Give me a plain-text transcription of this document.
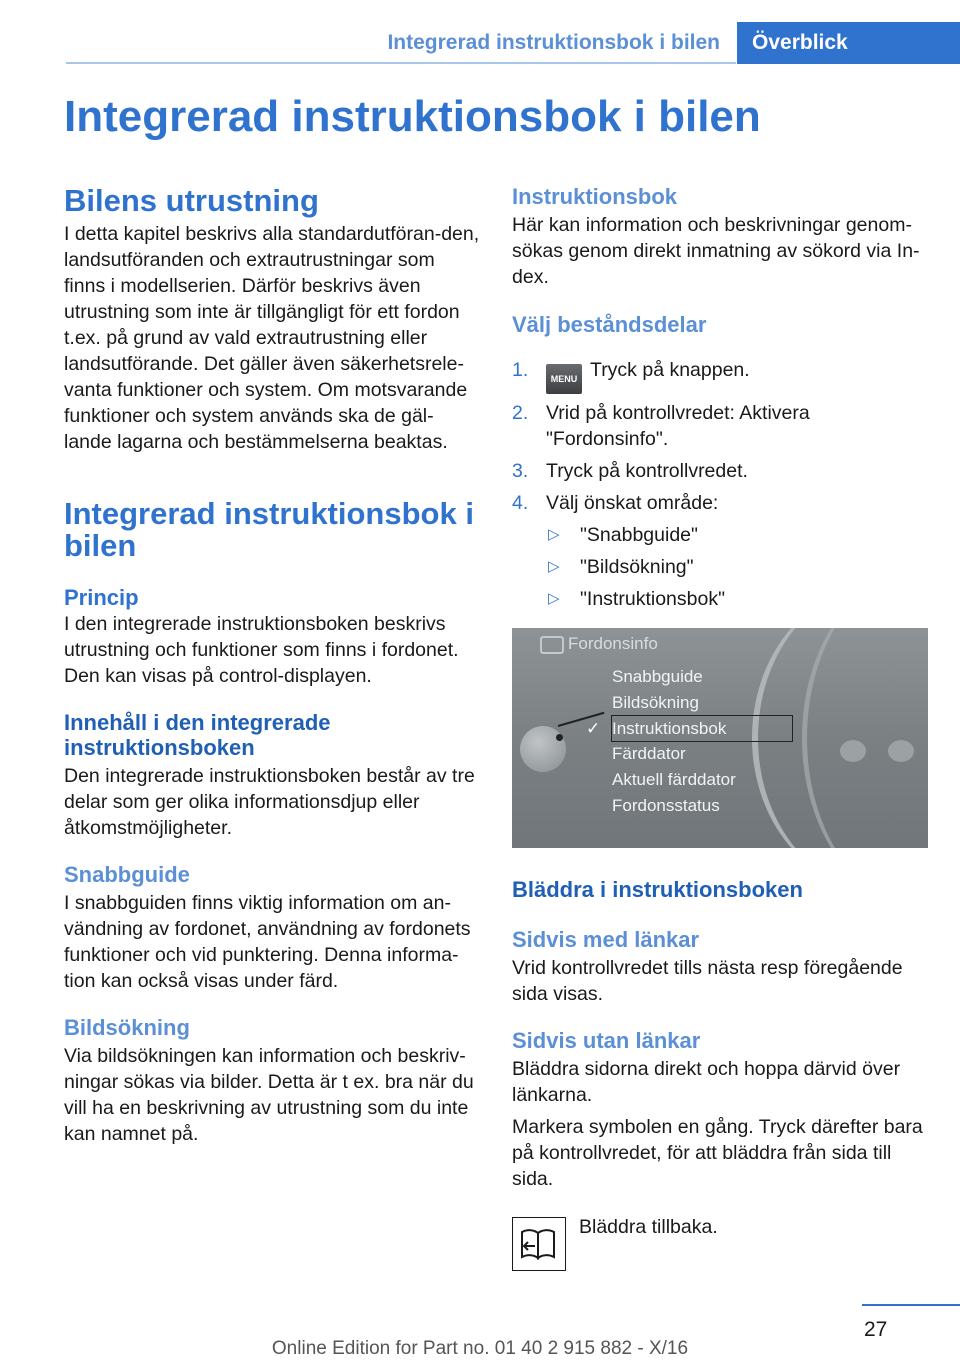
Integrerad instruktionsbok i bilen	Överblick
Integrerad instruktionsbok i bilen
Bilens utrustning

I detta kapitel beskrivs alla standardutföran-den, landsutföranden och extrautrustningar som finns i modellserien. Därför beskrivs även utrustning som inte är tillgängligt för ett fordon t.ex. på grund av vald extrautrustning eller landsutförande. Det gäller även säkerhetsrele-vanta funktioner och system. Om motsvarande funktioner och system används ska de gäl-lande lagarna och bestämmelserna beaktas.

Integrerad instruktionsbok i bilen
Princip

I den integrerade instruktionsboken beskrivs utrustning och funktioner som finns i fordonet. Den kan visas på control-displayen.

Innehåll i den integrerade instruktionsboken

Den integrerade instruktionsboken består av tre delar som ger olika informationsdjup eller åtkomstmöjligheter.

Snabbguide

I snabbguiden finns viktig information om an-vändning av fordonet, användning av fordonets funktioner och vid punktering. Denna informa-tion kan också visas under färd.

Bildsökning

Via bildsökningen kan information och beskriv-ningar sökas via bilder. Detta är t ex. bra när du vill ha en beskrivning av utrustning som du inte kan namnet på.

Instruktionsbok

Här kan information och beskrivningar genom-sökas genom direkt inmatning av sökord via In-dex.

Välj beståndsdelar
1. MENU Tryck på knappen.
2. Vrid på kontrollvredet: Aktivera "Fordonsinfo".
3. Tryck på kontrollvredet.
4. Välj önskat område:
▷ "Snabbguide"
▷ "Bildsökning"
▷ "Instruktionsbok"
Fordonsinfo
Snabbguide
Bildsökning
✓ Instruktionsbok
Färddator
Aktuell färddator
Fordonsstatus
Bläddra i instruktionsboken
Sidvis med länkar

Vrid kontrollvredet tills nästa resp föregående sida visas.

Sidvis utan länkar

Bläddra sidorna direkt och hoppa därvid över länkarna.

Markera symbolen en gång. Tryck därefter bara på kontrollvredet, för att bläddra från sida till sida.

Bläddra tillbaka.
27
Online Edition for Part no. 01 40 2 915 882 - X/16
